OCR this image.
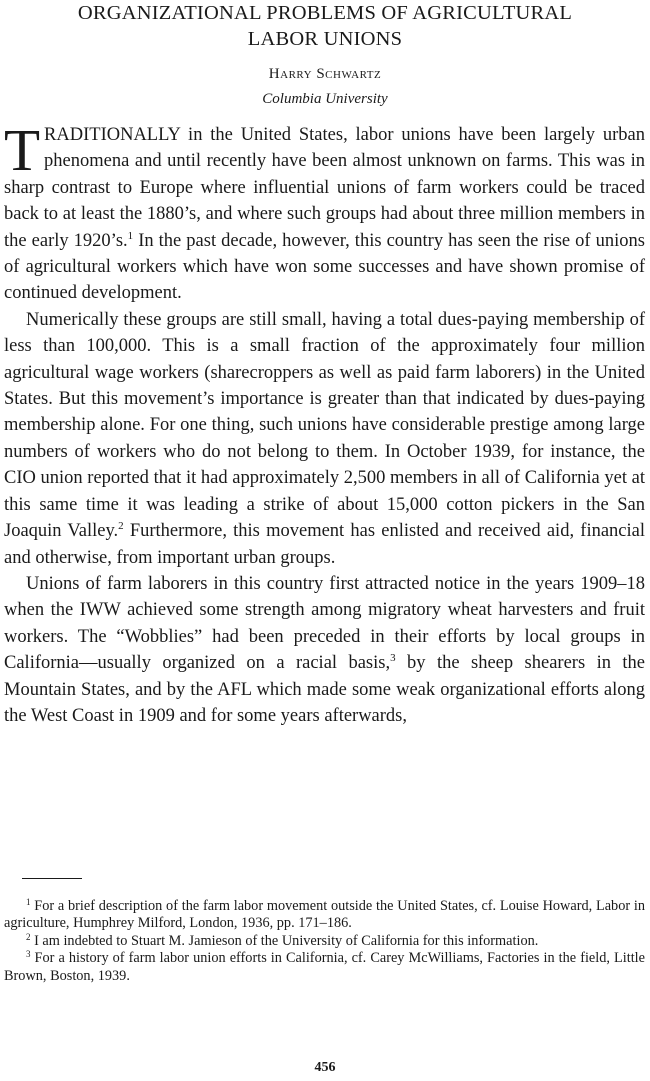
ORGANIZATIONAL PROBLEMS OF AGRICULTURAL
LABOR UNIONS
Harry Schwartz
Columbia University

TRADITIONALLY in the United States, labor unions have been largely urban phenomena and until recently have been almost unknown on farms. This was in sharp contrast to Europe where influential unions of farm workers could be traced back to at least the 1880’s, and where such groups had about three million members in the early 1920’s.$^1$ In the past decade, however, this country has seen the rise of unions of agricultural workers which have won some successes and have shown promise of continued development.

Numerically these groups are still small, having a total dues-paying membership of less than 100,000. This is a small fraction of the approximately four million agricultural wage workers (sharecroppers as well as paid farm laborers) in the United States. But this movement’s importance is greater than that indicated by dues-paying membership alone. For one thing, such unions have considerable prestige among large numbers of workers who do not belong to them. In October 1939, for instance, the CIO union reported that it had approximately 2,500 members in all of California yet at this same time it was leading a strike of about 15,000 cotton pickers in the San Joaquin Valley.$^2$ Furthermore, this movement has enlisted and received aid, financial and otherwise, from important urban groups.

Unions of farm laborers in this country first attracted notice in the years 1909–18 when the IWW achieved some strength among migratory wheat harvesters and fruit workers. The “Wobblies” had been preceded in their efforts by local groups in California—usually organized on a racial basis,$^3$ by the sheep shearers in the Mountain States, and by the AFL which made some weak organizational efforts along the West Coast in 1909 and for some years afterwards,

$^1$ For a brief description of the farm labor movement outside the United States, cf. Louise Howard, Labor in agriculture, Humphrey Milford, London, 1936, pp. 171–186.

$^2$ I am indebted to Stuart M. Jamieson of the University of California for this information.

$^3$ For a history of farm labor union efforts in California, cf. Carey McWilliams, Factories in the field, Little Brown, Boston, 1939.

456
